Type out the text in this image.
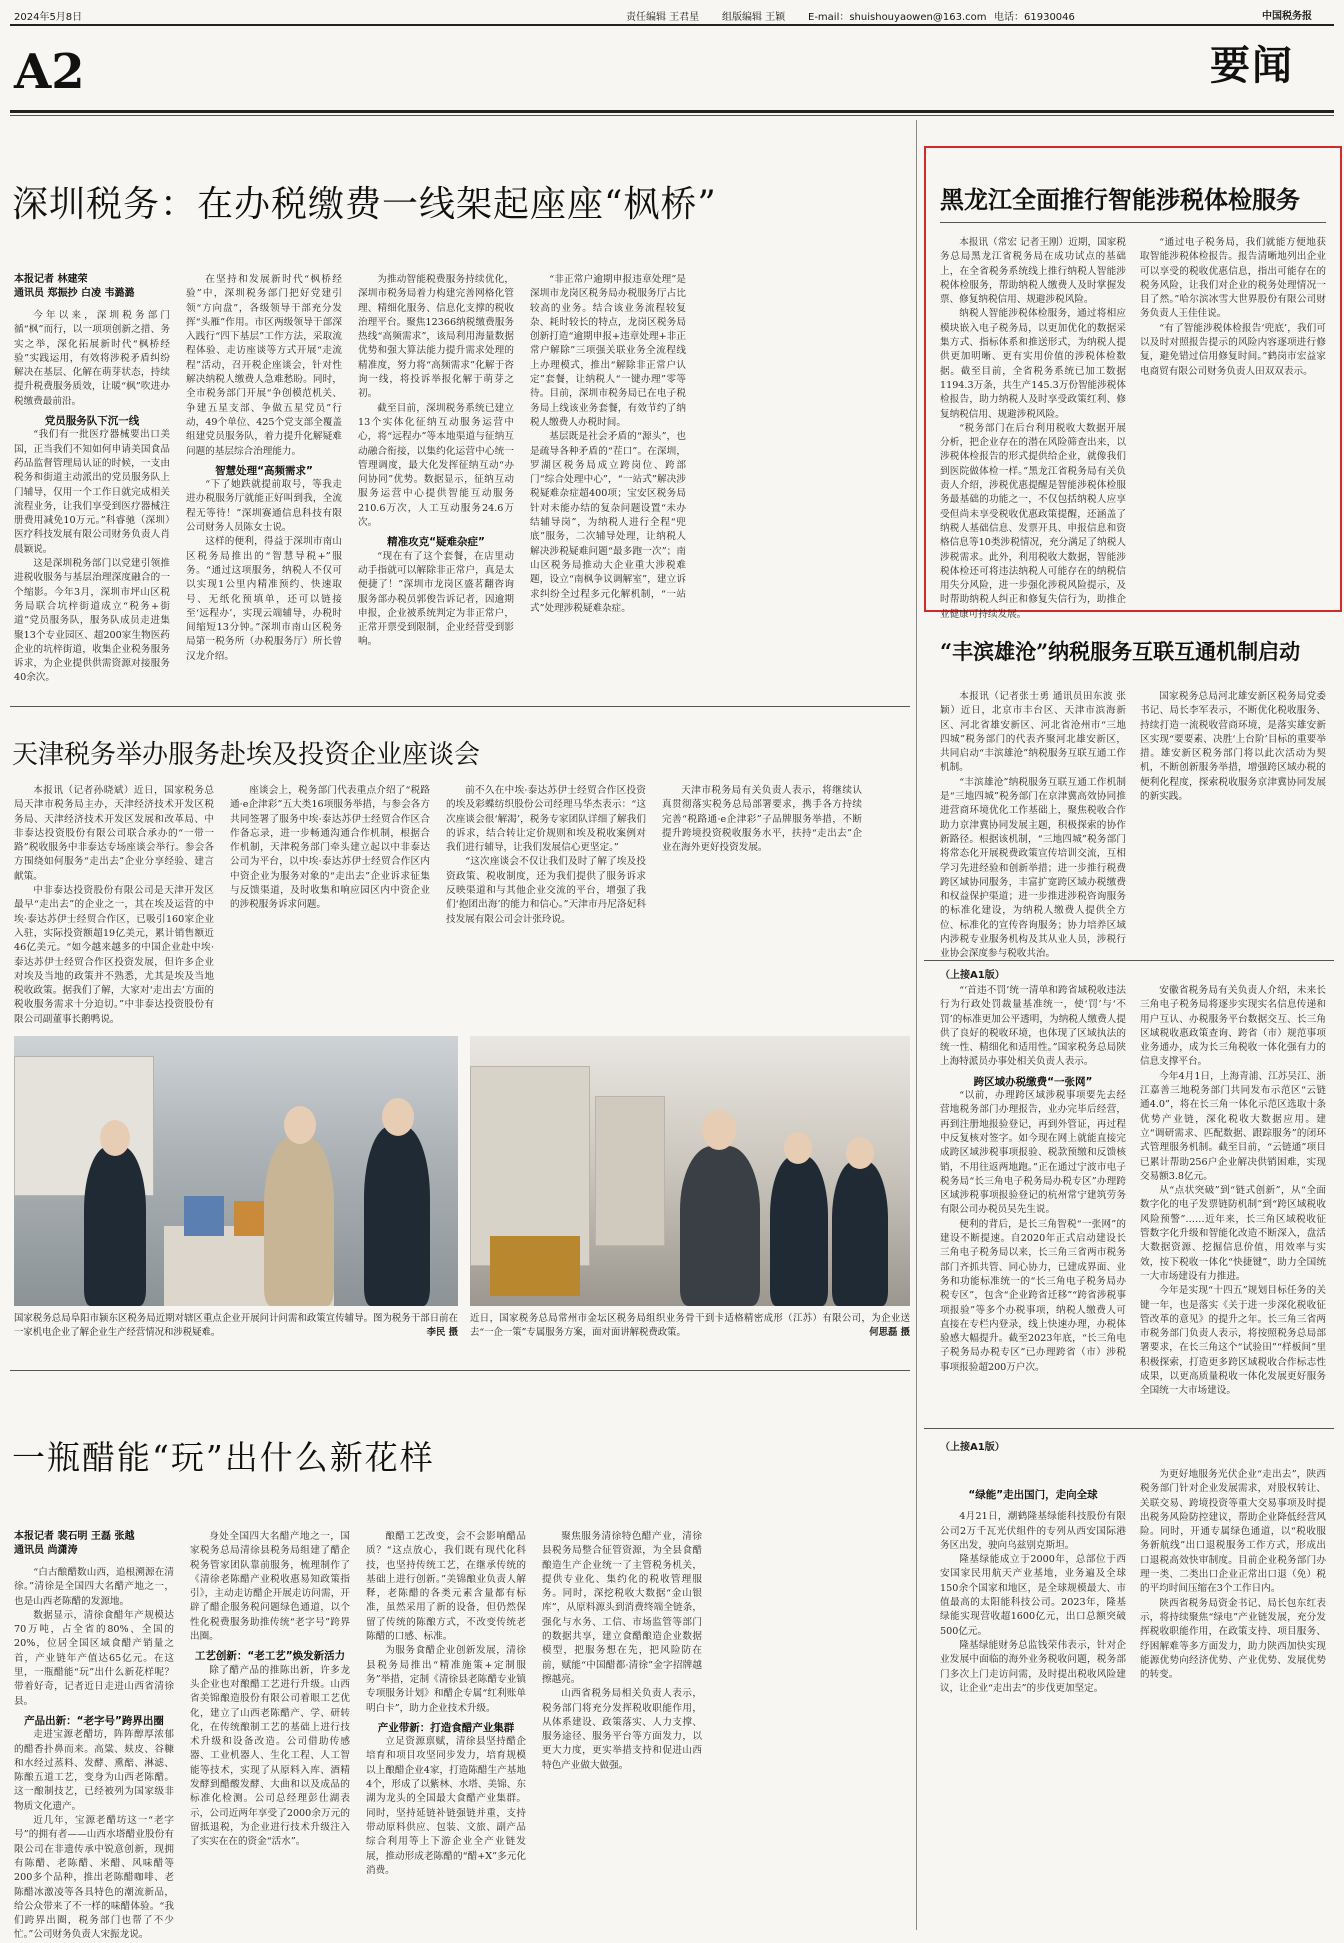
2024年5月8日	责任编辑 王君星 组版编辑 王颖 E-mail：shuishouyaowen@163.com 电话：61930046	中国税务报
A2	要闻
深圳税务：在办税缴费一线架起座座“枫桥”
本报记者 林建荣
通讯员 郑振抄 白凌 韦潞潞

今年以来，深圳税务部门循“枫”而行，以一项项创新之措、务实之举，深化拓展新时代“枫桥经验”实践运用，有效将涉税矛盾纠纷解决在基层、化解在萌芽状态，持续提升税费服务质效，让暖“枫”吹进办税缴费最前沿。

党员服务队下沉一线

“我们有一批医疗器械要出口美国，正当我们不知如何申请美国食品药品监督管理局认证的时候，一支由税务和街道主动派出的党员服务队上门辅导，仅用一个工作日就完成相关流程业务，让我们享受到医疗器械注册费用减免10万元。”科睿驰（深圳）医疗科技发展有限公司财务负责人肖晨颖说。

这是深圳税务部门以党建引领推进税收服务与基层治理深度融合的一个缩影。今年3月，深圳市坪山区税务局联合坑梓街道成立“税务+街道”党员服务队，服务队成员走进集聚13个专业园区、超200家生物医药企业的坑梓街道，收集企业税务服务诉求，为企业提供供需资源对接服务40余次。

在坚持和发展新时代“枫桥经验”中，深圳税务部门把好党建引领“方向盘”，各级领导干部充分发挥“头雁”作用。市区两级领导干部深入践行“四下基层”工作方法，采取流程体验、走访座谈等方式开展“走流程”活动，召开税企座谈会，针对性解决纳税人缴费人急难愁盼。同时，全市税务部门开展“争创模范机关、争建五星支部、争做五星党员”行动，49个单位、425个党支部全覆盖组建党员服务队，着力提升化解疑难问题的基层综合治理能力。

智慧处理“高频需求”

“下了她跌就提前取号，等我走进办税服务厅就能正好叫到我，全流程无等待！”深圳赛通信息科技有限公司财务人员陈女士说。

这样的便利，得益于深圳市南山区税务局推出的“智慧导税+”服务。“通过这项服务，纳税人不仅可以实现1公里内精准预约、快速取号、无纸化预填单，还可以链接至‘远程办’，实现云端辅导，办税时间缩短13分钟。”深圳市南山区税务局第一税务所（办税服务厅）所长曾汉龙介绍。

为推动智能税费服务持续优化，深圳市税务局着力构建完善网格化管理、精细化服务、信息化支撑的税收治理平台。聚焦12366纳税缴费服务热线“高频需求”，该局利用海量数据优势和强大算法能力提升需求处理的精准度，努力将“高频需求”化解于咨询一线，将投诉举报化解于萌芽之初。

截至目前，深圳税务系统已建立13个实体化征纳互动服务运营中心，将“远程办”等本地渠道与征纳互动融合衔接，以集约化运营中心统一管理调度，最大化发挥征纳互动“办问协同”优势。数据显示，征纳互动服务运营中心提供智能互动服务210.6万次，人工互动服务24.6万次。

精准攻克“疑难杂症”

“现在有了这个套餐，在店里动动手指就可以解除非正常户，真是太便捷了！”深圳市龙岗区盛茗翻咨询服务部办税员郭俊告诉记者，因逾期申报，企业被系统判定为非正常户，正常开票受到限制，企业经营受到影响。

“非正常户逾期申报违章处理”是深圳市龙岗区税务局办税服务厅占比较高的业务。结合该业务流程较复杂、耗时较长的特点，龙岗区税务局创新打造“逾期申报+违章处理+非正常户解除”三项强关联业务全流程线上办理模式，推出“解除非正常户认定”套餐，让纳税人“一键办理”零等待。目前，深圳市税务局已在电子税务局上线该业务套餐，有效节约了纳税人缴费人办税时间。

基层既是社会矛盾的“源头”，也是疏导各种矛盾的“茬口”。在深圳，罗湖区税务局成立跨岗位、跨部门“综合处理中心”，“一站式”解决涉税疑难杂症超400项；宝安区税务局针对未能办结的复杂问题设置“未办结辅导岗”，为纳税人进行全程“兜底”服务，二次辅导处理，让纳税人解决涉税疑难问题“最多跑一次”；南山区税务局推动大企业重大涉税难题，设立“南枫争议调解室”，建立诉求纠纷全过程多元化解机制，“一站式”处理涉税疑难杂症。

黑龙江全面推行智能涉税体检服务

本报讯（常宏 记者王刚）近期，国家税务总局黑龙江省税务局在成功试点的基础上，在全省税务系统线上推行纳税人智能涉税体检服务，帮助纳税人缴费人及时掌握发票、修复纳税信用、规避涉税风险。

纳税人智能涉税体检服务，通过将相应模块嵌入电子税务局，以更加优化的数据采集方式、指标体系和推送形式，为纳税人提供更加明晰、更有实用价值的涉税体检数据。截至目前，全省税务系统已加工数据1194.3万条，共生产145.3万份智能涉税体检报告，助力纳税人及时享受政策红利、修复纳税信用、规避涉税风险。

“税务部门在后台利用税收大数据开展分析，把企业存在的潜在风险筛查出来，以涉税体检报告的形式提供给企业，就像我们到医院做体检一样。”黑龙江省税务局有关负责人介绍，涉税优惠提醒是智能涉税体检服务最基础的功能之一，不仅包括纳税人应享受但尚未享受税收优惠政策提醒，还涵盖了纳税人基础信息、发票开具、申报信息和资格信息等10类涉税情况，充分满足了纳税人涉税需求。此外，利用税收大数据，智能涉税体检还可将违法纳税人可能存在的纳税信用失分风险，进一步强化涉税风险提示，及时帮助纳税人纠正和修复失信行为，助推企业健康可持续发展。

“通过电子税务局，我们就能方便地获取智能涉税体检报告。报告清晰地列出企业可以享受的税收优惠信息，指出可能存在的税务风险，让我们对企业的税务处理情况一目了然。”哈尔滨冰雪大世界股份有限公司财务负责人王佳佳说。

“有了智能涉税体检报告‘兜底’，我们可以及时对照报告提示的风险内容逐项进行修复，避免错过信用修复时间。”鹤岗市宏益家电商贸有限公司财务负责人田双双表示。

“丰滨雄沧”纳税服务互联互通机制启动

本报讯（记者张士勇 通讯员田东波 张颖）近日，北京市丰台区、天津市滨海新区、河北省雄安新区、河北省沧州市“三地四城”税务部门的代表齐聚河北雄安新区，共同启动“丰滨雄沧”纳税服务互联互通工作机制。

“丰滨雄沧”纳税服务互联互通工作机制是“三地四城”税务部门在京津冀高效协同推进营商环境优化工作基础上，聚焦税收合作助力京津冀协同发展主题，积极探索的协作新路径。根据该机制，“三地四城”税务部门将常态化开展税费政策宣传培训交流，互相学习先进经验和创新举措；进一步推行税费跨区域协同服务，丰富扩宽跨区域办税缴费和权益保护渠道；进一步推进涉税咨询服务的标准化建设，为纳税人缴费人提供全方位、标准化的宣传咨询服务；协力培养区域内涉税专业服务机构及其从业人员，涉税行业协会深度参与税收共治。

国家税务总局河北雄安新区税务局党委书记、局长李军表示，不断优化税收服务、持续打造一流税收营商环境，是落实雄安新区实现“要要素、决胜‘上台阶’目标的重要举措。雄安新区税务部门将以此次活动为契机，不断创新服务举措，增强跨区域办税的便利化程度，探索税收服务京津冀协同发展的新实践。

天津税务举办服务赴埃及投资企业座谈会

本报讯（记者孙晓斌）近日，国家税务总局天津市税务局主办，天津经济技术开发区税务局、天津经济技术开发区发展和改革局、中非泰达投资股份有限公司联合承办的“一带一路”税收服务中非泰达专场座谈会举行。参会各方围绕如何服务“走出去”企业分享经验、建言献策。

中非泰达投资股份有限公司是天津开发区最早“走出去”的企业之一，其在埃及运营的中埃·泰达苏伊士经贸合作区，已吸引160家企业入驻，实际投资额超19亿美元，累计销售额近46亿美元。“如今越来越多的中国企业赴中埃·泰达苏伊士经贸合作区投资发展，但许多企业对埃及当地的政策并不熟悉，尤其是埃及当地税收政策。据我们了解，大家对‘走出去’方面的税收服务需求十分迫切。”中非泰达投资股份有限公司副董事长鹅鸭说。

座谈会上，税务部门代表重点介绍了“税路通·e企津彩”五大类16项服务举措，与参会各方共同签署了服务中埃·泰达苏伊士经贸合作区合作备忘录，进一步畅通沟通合作机制，根据合作机制，天津税务部门牵头建立起以中非泰达公司为平台，以中埃·泰达苏伊士经贸合作区内中资企业为服务对象的“走出去”企业诉求征集与反馈渠道，及时收集和响应园区内中资企业的涉税服务诉求问题。

前不久在中埃·泰达苏伊士经贸合作区投资的埃及彩蝶纺织股份公司经理马华杰表示：“这次座谈会很‘解渴’，税务专家团队详细了解我们的诉求，结合转让定价规则和埃及税收案例对我们进行辅导，让我们发展信心更坚定。”

“这次座谈会不仅让我们及时了解了埃及投资政策、税收制度，还为我们提供了服务诉求反映渠道和与其他企业交流的平台，增强了我们‘抱团出海’的能力和信心。”天津市丹尼洛妃科技发展有限公司会计张玲说。

天津市税务局有关负责人表示，将继续认真贯彻落实税务总局部署要求，携手各方持续完善“税路通·e企津彩”子品牌服务举措，不断提升跨境投资税收服务水平，扶持“走出去”企业在海外更好投资发展。

国家税务总局阜阳市颍东区税务局近期对辖区重点企业开展问计问需和政策宣传辅导。图为税务干部日前在一家机电企业了解企业生产经营情况和涉税疑难。	李民 摄
近日，国家税务总局常州市金坛区税务局组织业务骨干到卡适格精密成形（江苏）有限公司，为企业送去“一企一策”专属服务方案，面对面讲解税费政策。	何思磊 摄
一瓶醋能“玩”出什么新花样
本报记者 裴石明 王磊 张越
通讯员 尚潇涛

“白古酿醋数山西，追根溯源在清徐。”清徐是全国四大名醋产地之一，也是山西老陈醋的发源地。

数据显示，清徐食醋年产规模达70万吨，占全省的80%、全国的20%，位居全国区域食醋产销量之首，产业链年产值达65亿元。在这里，一瓶醋能“玩”出什么新花样呢？带着好奇，记者近日走进山西省清徐县。

产品出新：“老字号”跨界出圈

走进宝源老醋坊，阵阵醇厚浓郁的醋香扑鼻而来。高粱、麸皮、谷糠和水经过蒸料、发酵、熏醅、淋滤、陈酿五道工艺，变身为山西老陈醋。这一酿制技艺，已经被列为国家级非物质文化遗产。

近几年，宝源老醋坊这一“老字号”的拥有者——山西水塔醋业股份有限公司在非遗传承中锐意创新，现拥有陈醋、老陈醋、米醋、风味醋等200多个品种，推出老陈醋咖啡、老陈醋冰激凌等各具特色的潮流新品，给公众带来了不一样的味醋体验。“我们跨界出圈，税务部门也帮了不少忙。”公司财务负责人宋振龙说。

身处全国四大名醋产地之一，国家税务总局清徐县税务局组建了醋企税务管家团队靠前服务，梳理制作了《清徐老陈醋产业税收惠易知政策指引》，主动走访醋企开展走访问需，开辟了醋企服务税问题绿色通道，以个性化税费服务助推传统“老字号”跨界出圈。

工艺创新：“老工艺”焕发新活力

除了醋产品的推陈出新，许多龙头企业也对酿醋工艺进行升级。山西省美锦酿造股份有限公司着眼工艺优化，建立了山西老陈醋产、学、研转化，在传统酿制工艺的基础上进行技术升级和设备改造。公司借助传感器、工业机器人、生化工程、人工智能等技术，实现了从原料入库、酒精发酵到醋酸发酵、大曲和以及成品的标准化检测。公司总经理彭仕湖表示，公司近两年享受了2000余万元的留抵退税，为企业进行技术升级注入了实实在在的资金“活水”。

酿醋工艺改变，会不会影响醋品质？“这点放心，我们既有现代化科技，也坚持传统工艺，在继承传统的基础上进行创新。”美锦酿业负责人解释，老陈醋的各类元素含量都有标准，虽然采用了新的设备，但仍然保留了传统的陈酿方式，不改变传统老陈醋的口感、标准。

为服务食醋企业创新发展，清徐县税务局推出“精准施策+定制服务”举措，定制《清徐县老陈醋专业镇专项服务计划》和醋企专属“红利账单明白卡”，助力企业技术升级。

产业带新：打造食醋产业集群

立足资源禀赋，清徐县坚持醋企培育和项目攻坚同步发力，培育规模以上酿醋企业4家，打造陈醋生产基地4个，形成了以紫林、水塔、美锦、东湖为龙头的全国最大食醋产业集群。同时，坚持延链补链强链并重，支持带动原料供应、包装、文旅、副产品综合利用等上下游企业全产业链发展，推动形成老陈醋的“醋+X”多元化消费。

聚焦服务清徐特色醋产业，清徐县税务局整合征管资源，为全县食醋酿造生产企业统一了主管税务机关，提供专业化、集约化的税收管理服务。同时，深挖税收大数据“金山银库”，从原料源头到消费终端全链条，强化与水务、工信、市场监管等部门的数据共享，建立食醋酿造企业数据模型，把服务想在先，把风险防在前，赋能“中国醋都·清徐”金字招牌越擦越亮。

山西省税务局相关负责人表示，税务部门将充分发挥税收职能作用，从体系建设、政策落实、人力支撑、服务途径、服务平台等方面发力，以更大力度，更实举措支持和促进山西特色产业做大做强。

（上接A1版）

“‘首违不罚’统一清单和跨省域税收违法行为行政处罚裁量基准统一，使‘罚’与‘不罚’的标准更加公平透明，为纳税人缴费人提供了良好的税收环境，也体现了区域执法的统一性、精细化和适用性。”国家税务总局陕上海特派员办事处相关负责人表示。

跨区域办税缴费“一张网”

“以前，办理跨区域涉税事项要先去经营地税务部门办理报告，业办完毕后经营，再到注册地报验登记，再到外管证，再过程中反复核对签字。如今现在网上就能直接完成跨区域涉税事项报验、税款预缴和反馈核销，不用往返两地跑。”正在通过宁波市电子税务局“长三角电子税务局办税专区”办理跨区域涉税事项报验登记的杭州常宁建筑劳务有限公司办税员吴先生说。

便利的背后，是长三角智税“一张网”的建设不断提速。自2020年正式启动建设长三角电子税务局以来，长三角三省两市税务部门齐抓共管、同心协力，已建成界面、业务和功能标准统一的“长三角电子税务局办税专区”，包含“企业跨省迁移”“跨省涉税事项报验”等多个办税事项，纳税人缴费人可直接在专栏内登录，线上快速办理，办税体验感大幅提升。截至2023年底，“长三角电子税务局办税专区”已办理跨省（市）涉税事项报验超200万户次。

安徽省税务局有关负责人介绍，未来长三角电子税务局将逐步实现实名信息传递和用户互认、办税服务平台数据交互、长三角区域税收惠政策查询、跨省（市）规范事项业务通办，成为长三角税收一体化强有力的信息支撑平台。

今年4月1日，上海青浦、江苏吴江、浙江嘉善三地税务部门共同发布示范区“云链通4.0”，将在长三角一体化示范区选取十条优势产业链，深化税收大数据应用。建立“调研需求、匹配数据、跟踪服务”的闭环式管理服务机制。截至目前，“云链通”项目已累计帮助256户企业解决供销困难，实现交易额3.8亿元。

从“点状突破”到“链式创新”，从“全面数字化的电子发票链防机制”到“跨区域税收风险预警”……近年来，长三角区域税收征管数字化升级和智能化改造不断深入，盘活大数据资源、挖掘信息价值，用效率与实效，按下税收一体化“快捷键”，助力全国统一大市场建设有力推进。

今年是实现“十四五”规划目标任务的关键一年，也是落实《关于进一步深化税收征管改革的意见》的提升之年。长三角三省两市税务部门负责人表示，将按照税务总局部署要求，在长三角这个“试验田”“样板间”里积极探索，打造更多跨区域税收合作标志性成果，以更高质量税收一体化发展更好服务全国统一大市场建设。

（上接A1版）

“绿能”走出国门，走向全球

4月21日，潮鹤隆基绿能科技股份有限公司2万千瓦光伏组件的专列从西安国际港务区出发，驶向乌兹别克斯坦。

隆基绿能成立于2000年，总部位于西安国家民用航天产业基地，业务遍及全球150余个国家和地区，是全球规模最大、市值最高的太阳能科技公司。2023年，隆基绿能实现营收超1600亿元，出口总额突破500亿元。

隆基绿能财务总监钱荣伟表示，针对企业发展中面临的海外业务税收问题，税务部门多次上门走访问需，及时提出税收风险建议，让企业“走出去”的步伐更加坚定。

为更好地服务光伏企业“走出去”，陕西税务部门针对企业发展需求，对股权转让、关联交易、跨境投资等重大交易事项及时提出税务风险防控建议，帮助企业降低经营风险。同时，开通专属绿色通道，以“税收服务新航线”出口退税服务工作方式，形成出口退税高效快审制度。目前企业税务部门办理一类、二类出口企业正常出口退（免）税的平均时间压缩在3个工作日内。

陕西省税务局资金书记、局长包东红表示，将持续聚焦“绿电”产业链发展，充分发挥税收职能作用，在政策支持、项目服务、纾困解难等多方面发力，助力陕西加快实现能源优势向经济优势、产业优势、发展优势的转变。
